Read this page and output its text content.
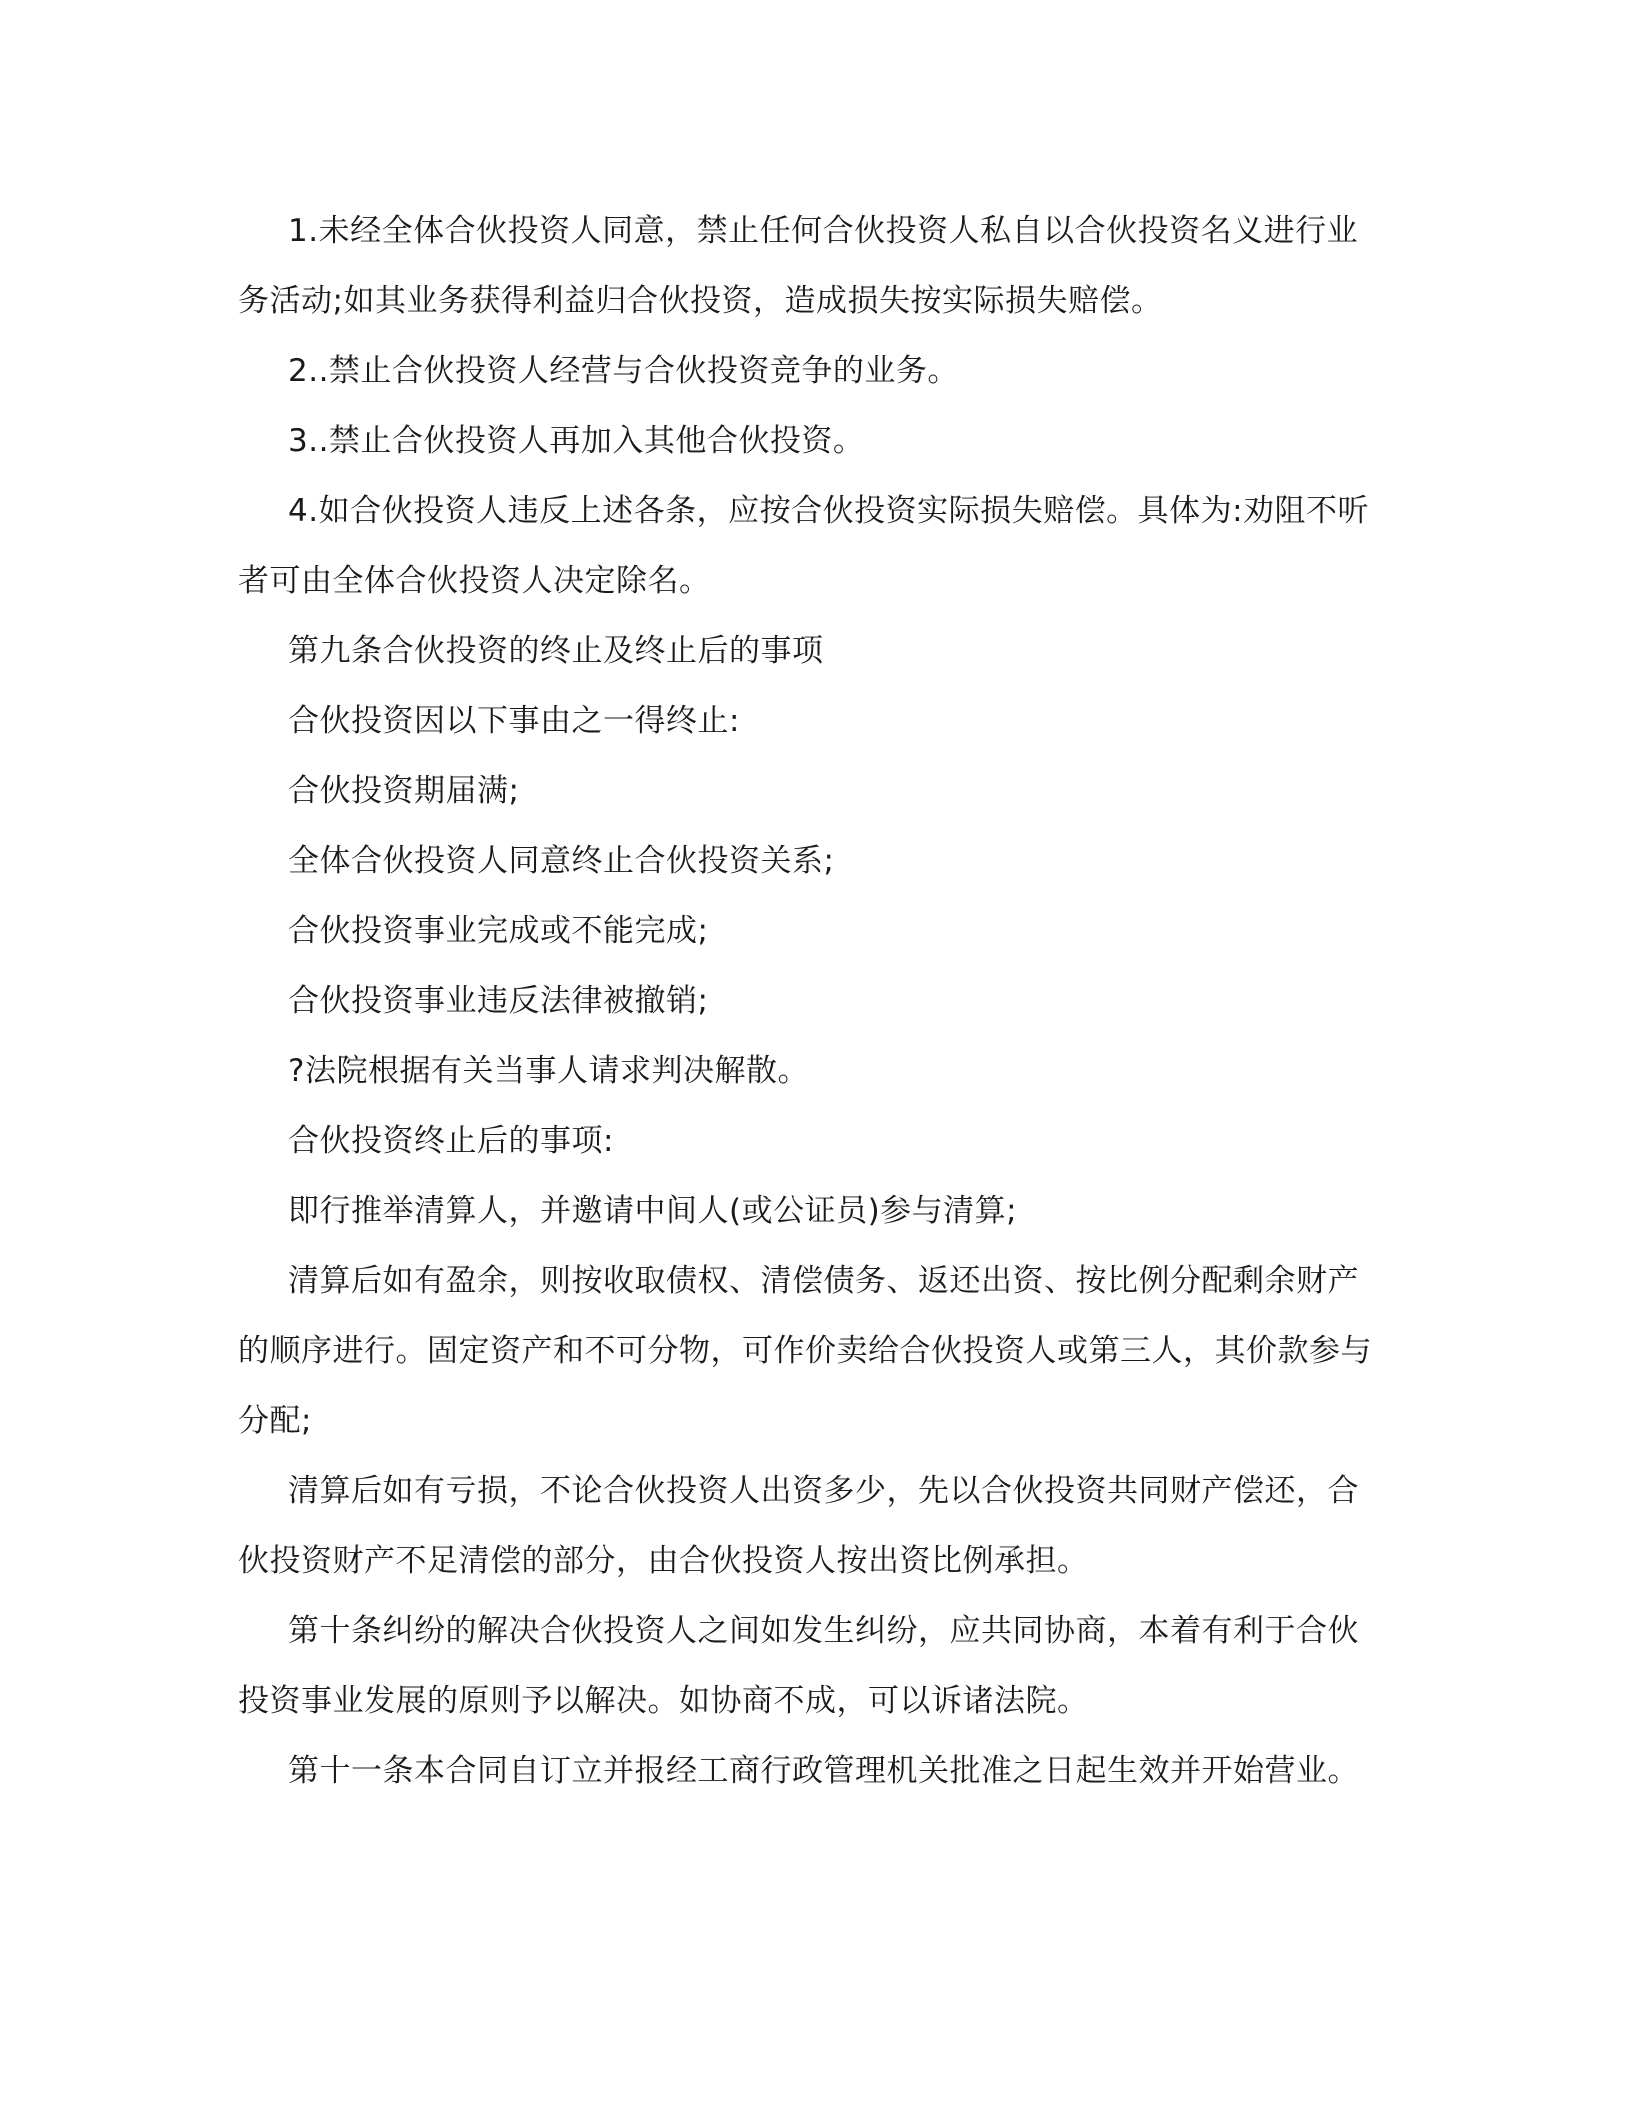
1.未经全体合伙投资人同意，禁止任何合伙投资人私自以合伙投资名义进行业务活动;如其业务获得利益归合伙投资，造成损失按实际损失赔偿。

2..禁止合伙投资人经营与合伙投资竞争的业务。

3..禁止合伙投资人再加入其他合伙投资。

4.如合伙投资人违反上述各条，应按合伙投资实际损失赔偿。具体为:劝阻不听者可由全体合伙投资人决定除名。

第九条合伙投资的终止及终止后的事项

合伙投资因以下事由之一得终止:

合伙投资期届满;

全体合伙投资人同意终止合伙投资关系;

合伙投资事业完成或不能完成;

合伙投资事业违反法律被撤销;

?法院根据有关当事人请求判决解散。

合伙投资终止后的事项:

即行推举清算人，并邀请中间人(或公证员)参与清算;

清算后如有盈余，则按收取债权、清偿债务、返还出资、按比例分配剩余财产的顺序进行。固定资产和不可分物，可作价卖给合伙投资人或第三人，其价款参与分配;

清算后如有亏损，不论合伙投资人出资多少，先以合伙投资共同财产偿还，合伙投资财产不足清偿的部分，由合伙投资人按出资比例承担。

第十条纠纷的解决合伙投资人之间如发生纠纷，应共同协商，本着有利于合伙投资事业发展的原则予以解决。如协商不成，可以诉诸法院。

第十一条本合同自订立并报经工商行政管理机关批准之日起生效并开始营业。
